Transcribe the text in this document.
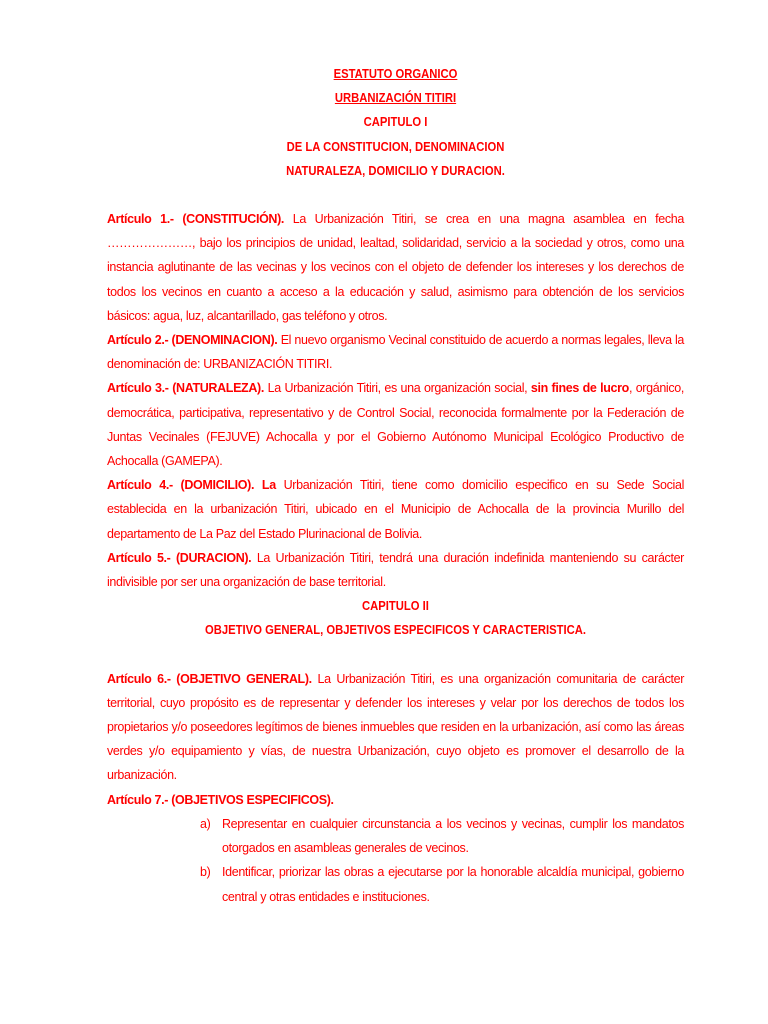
ESTATUTO ORGANICO
URBANIZACIÓN TITIRI
CAPITULO I
DE LA CONSTITUCION, DENOMINACION
NATURALEZA, DOMICILIO Y DURACION.

Artículo 1.- (CONSTITUCIÓN). La Urbanización Titiri, se crea en una magna asamblea en fecha …………………, bajo los principios de unidad, lealtad, solidaridad, servicio a la sociedad y otros, como una instancia aglutinante de las vecinas y los vecinos con el objeto de defender los intereses y los derechos de todos los vecinos en cuanto a acceso a la educación y salud, asimismo para obtención de los servicios básicos: agua, luz, alcantarillado, gas teléfono y otros.

Artículo 2.- (DENOMINACION). El nuevo organismo Vecinal constituido de acuerdo a normas legales, lleva la denominación de: URBANIZACIÓN TITIRI.

Artículo 3.- (NATURALEZA). La Urbanización Titiri, es una organización social, sin fines de lucro, orgánico, democrática, participativa, representativo y de Control Social, reconocida formalmente por la Federación de Juntas Vecinales (FEJUVE) Achocalla y por el Gobierno Autónomo Municipal Ecológico Productivo de Achocalla (GAMEPA).

Artículo 4.- (DOMICILIO). La Urbanización Titiri, tiene como domicilio especifico en su Sede Social establecida en la urbanización Titiri, ubicado en el Municipio de Achocalla de la provincia Murillo del departamento de La Paz del Estado Plurinacional de Bolivia.

Artículo 5.- (DURACION). La Urbanización Titiri, tendrá una duración indefinida manteniendo su carácter indivisible por ser una organización de base territorial.

CAPITULO II
OBJETIVO GENERAL, OBJETIVOS ESPECIFICOS Y CARACTERISTICA.

Artículo 6.- (OBJETIVO GENERAL). La Urbanización Titiri, es una organización comunitaria de carácter territorial, cuyo propósito es de representar y defender los intereses y velar por los derechos de todos los propietarios y/o poseedores legítimos de bienes inmuebles que residen en la urbanización, así como las áreas verdes y/o equipamiento y vías, de nuestra Urbanización, cuyo objeto es promover el desarrollo de la urbanización.

Artículo 7.- (OBJETIVOS ESPECIFICOS).

a) Representar en cualquier circunstancia a los vecinos y vecinas, cumplir los mandatos otorgados en asambleas generales de vecinos.
b) Identificar, priorizar las obras a ejecutarse por la honorable alcaldía municipal, gobierno central y otras entidades e instituciones.
